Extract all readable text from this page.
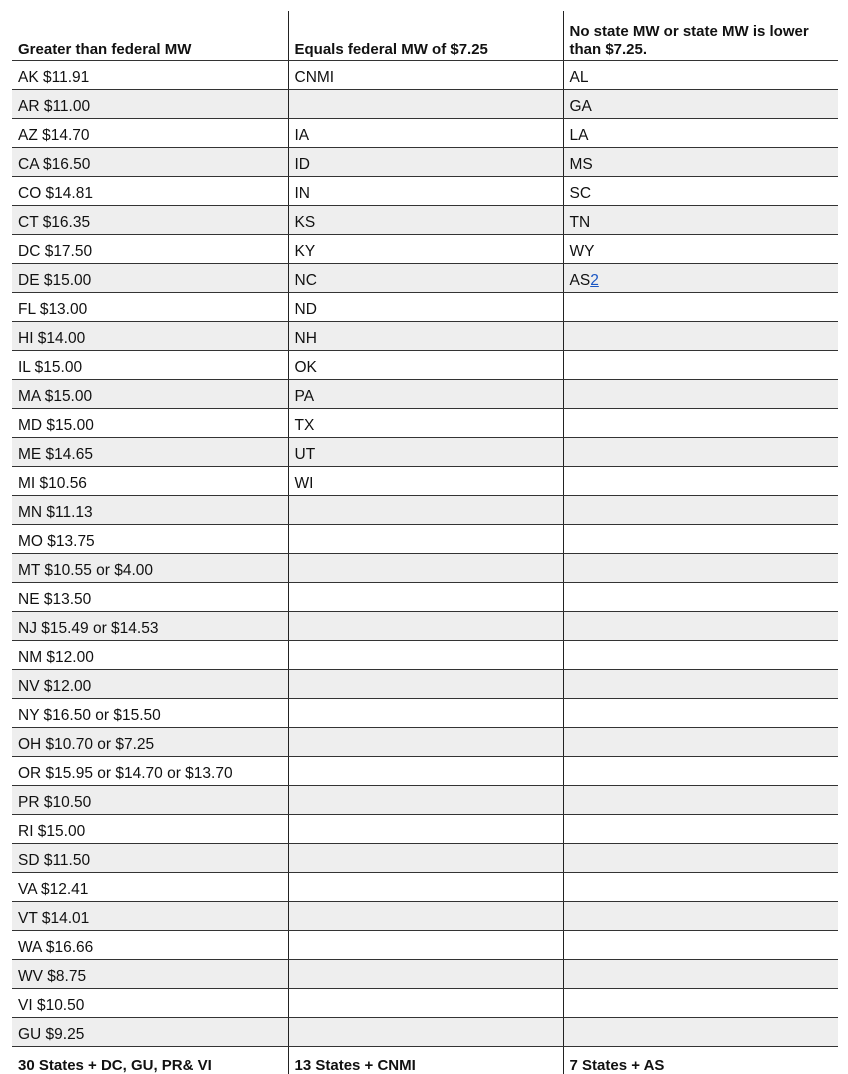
Greater than federal MW	Equals federal MW of $7.25	No state MW or state MW is lower than $7.25.
AK $11.91	CNMI	AL
AR $11.00		GA
AZ $14.70	IA	LA
CA $16.50	ID	MS
CO $14.81	IN	SC
CT $16.35	KS	TN
DC $17.50	KY	WY
DE $15.00	NC	AS2
FL $13.00	ND	
HI $14.00	NH	
IL $15.00	OK	
MA $15.00	PA	
MD $15.00	TX	
ME $14.65	UT	
MI $10.56	WI	
MN $11.13		
MO $13.75		
MT $10.55 or $4.00		
NE $13.50		
NJ $15.49 or $14.53		
NM $12.00		
NV $12.00		
NY $16.50 or $15.50		
OH $10.70 or $7.25		
OR $15.95 or $14.70 or $13.70		
PR $10.50		
RI $15.00		
SD $11.50		
VA $12.41		
VT $14.01		
WA $16.66		
WV $8.75		
VI $10.50		
GU $9.25		
30 States + DC, GU, PR& VI	13 States + CNMI	7 States + AS
